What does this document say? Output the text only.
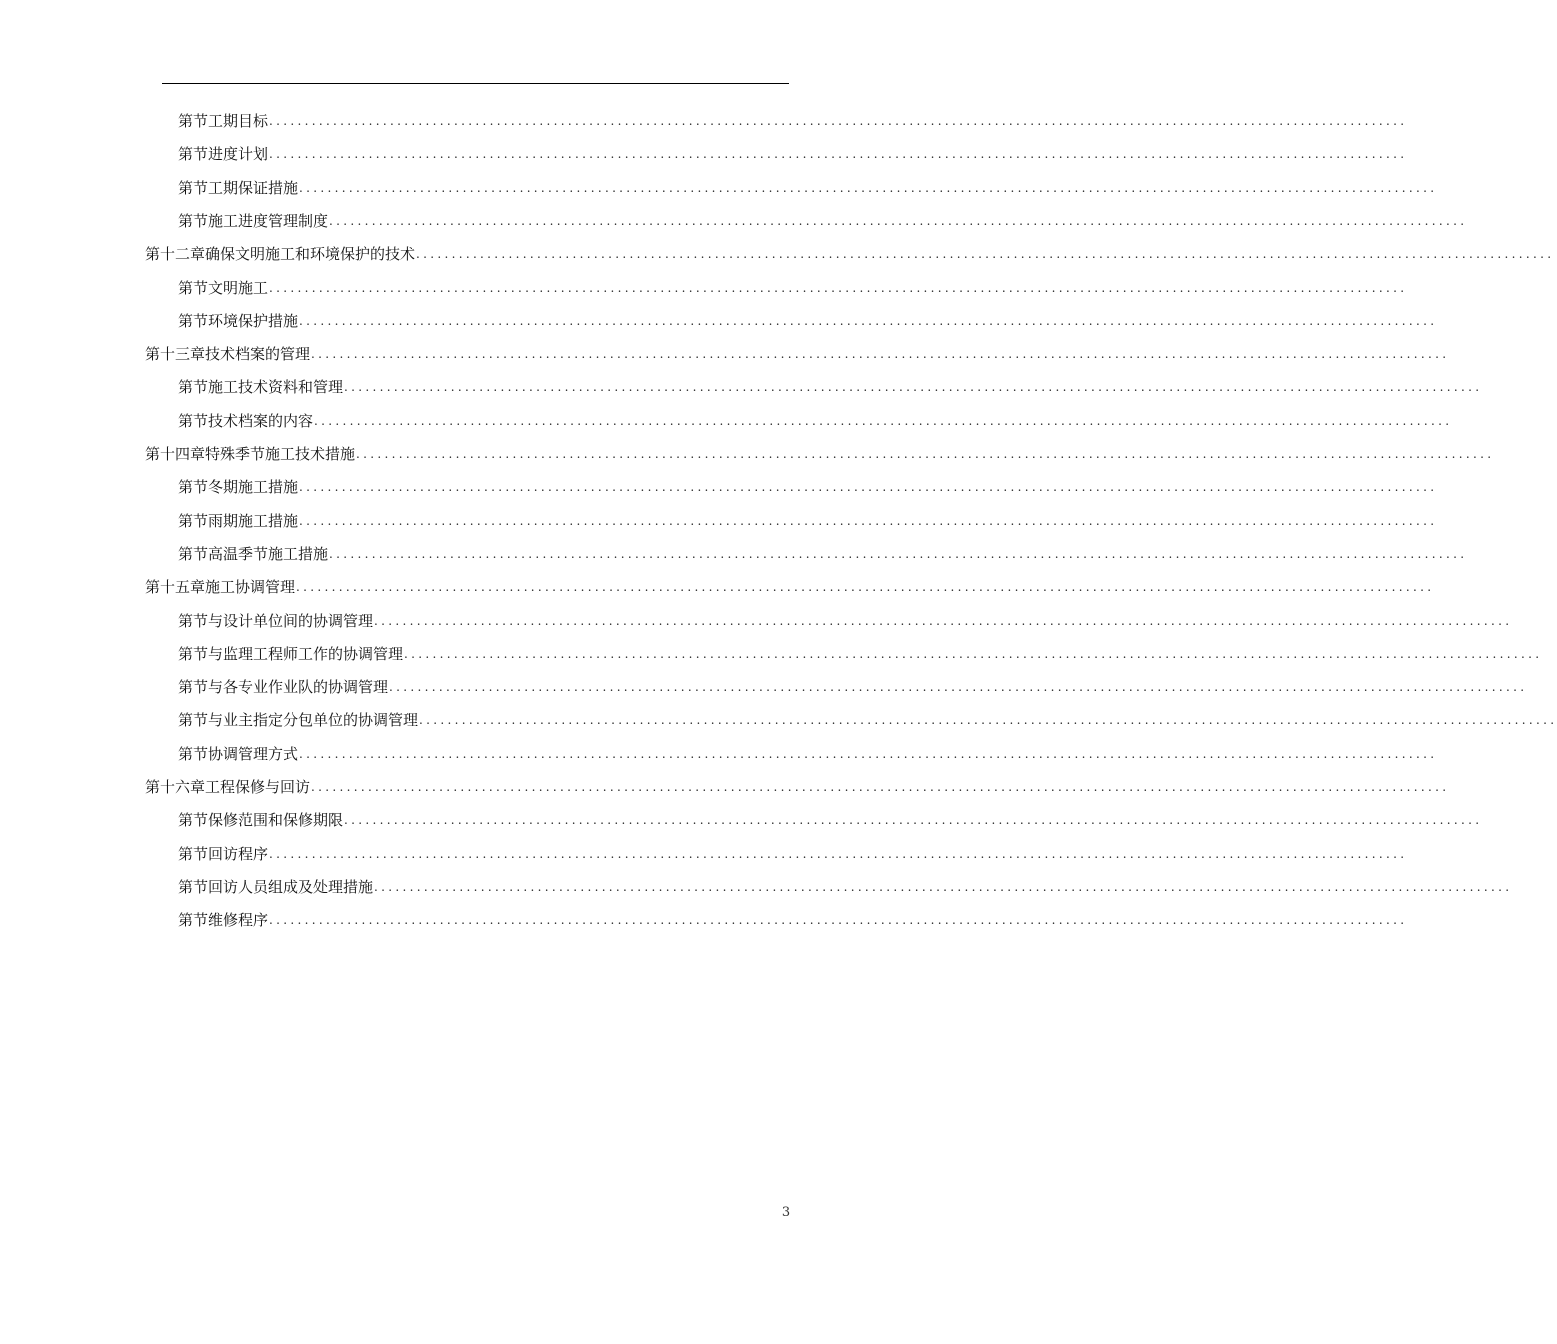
第节 工期目标 ................................................................................................................................................................
第节 进度计划 ................................................................................................................................................................
第节 工期保证措施 ................................................................................................................................................................
第节 施工进度管理制度 ................................................................................................................................................................
第十二章 确保文明施工和环境保护的技术 ................................................................................................................................................................
第节 文明施工 ................................................................................................................................................................
第节 环境保护措施 ................................................................................................................................................................
第十三章 技术档案的管理 ................................................................................................................................................................
第节 施工技术资料和管理 ................................................................................................................................................................
第节 技术档案的内容 ................................................................................................................................................................
第十四章 特殊季节施工技术措施 ................................................................................................................................................................
第节 冬期施工措施 ................................................................................................................................................................
第节 雨期施工措施 ................................................................................................................................................................
第节 高温季节施工措施 ................................................................................................................................................................
第十五章 施工协调管理 ................................................................................................................................................................
第节 与设计单位间的协调管理 ................................................................................................................................................................
第节 与监理工程师工作的协调管理 ................................................................................................................................................................
第节 与各专业作业队的协调管理 ................................................................................................................................................................
第节 与业主指定分包单位的协调管理 ................................................................................................................................................................
第节 协调管理方式 ................................................................................................................................................................
第十六章 工程保修与回访 ................................................................................................................................................................
第节 保修范围和保修期限 ................................................................................................................................................................
第节 回访程序 ................................................................................................................................................................
第节 回访人员组成及处理措施 ................................................................................................................................................................
第节 维修程序 ................................................................................................................................................................
3
